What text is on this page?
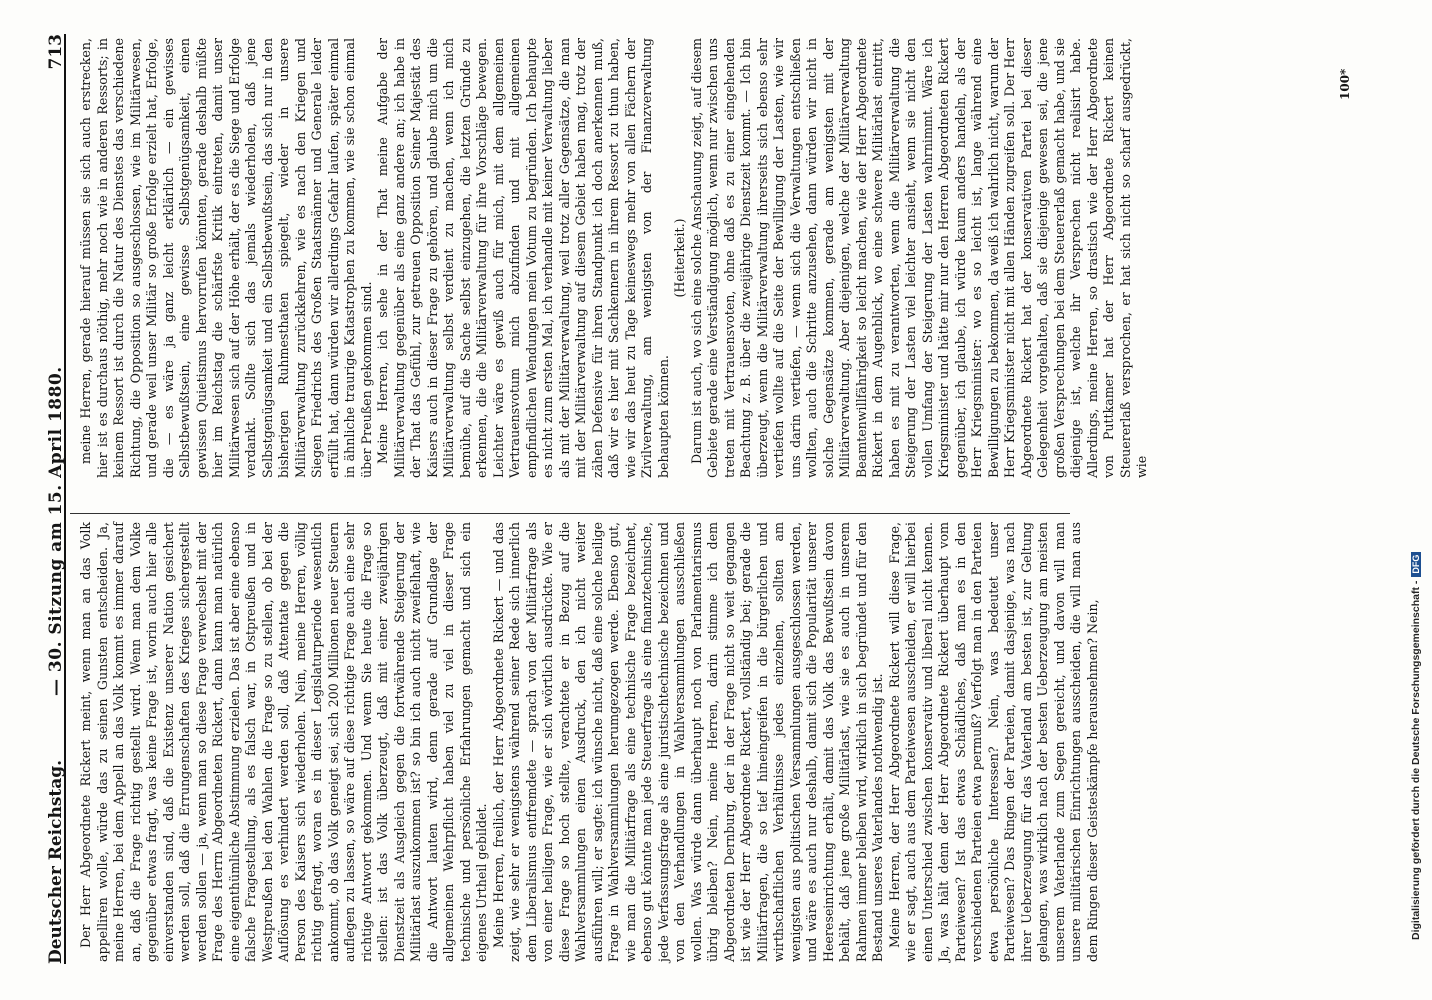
Deutscher Reichstag.
— 30. Sitzung am 15. April 1880.
713

Der Herr Abgeordnete Rickert meint, wenn man an das Volk appelliren wolle, würde das zu seinen Gunsten entscheiden. Ja, meine Herren, bei dem Appell an das Volk kommt es immer darauf an, daß die Frage richtig gestellt wird. Wenn man dem Volke gegenüber etwas fragt, was keine Frage ist, worin auch hier alle einverstanden sind, daß die Existenz unserer Nation gesichert werden soll, daß die Errungenschaften des Krieges sichergestellt werden sollen — ja, wenn man so diese Frage verwechselt mit der Frage des Herrn Abgeordneten Rickert, dann kann man natürlich eine eigenthümliche Abstimmung erzielen. Das ist aber eine ebenso falsche Fragestellung, als es falsch war, in Ostpreußen und in Westpreußen bei den Wahlen die Frage so zu stellen, ob bei der Auflösung es verhindert werden soll, daß Attentate gegen die Person des Kaisers sich wiederholen. Nein, meine Herren, völlig richtig gefragt, woran es in dieser Legislaturperiode wesentlich ankommt, ob das Volk geneigt sei, sich 200 Millionen neuer Steuern auflegen zu lassen, so wäre auf diese richtige Frage auch eine sehr richtige Antwort gekommen. Und wenn Sie heute die Frage so stellen: ist das Volk überzeugt, daß mit einer zweijährigen Dienstzeit als Ausgleich gegen die fortwährende Steigerung der Militärlast auszukommen ist? so bin ich auch nicht zweifelhaft, wie die Antwort lauten wird, denn gerade auf Grundlage der allgemeinen Wehrpflicht haben viel zu viel in dieser Frage technische und persönliche Erfahrungen gemacht und sich ein eigenes Urtheil gebildet. Meine Herren, freilich, der Herr Abgeordnete Rickert — und das zeigt, wie sehr er wenigstens während seiner Rede sich innerlich dem Liberalismus entfremdete — sprach von der Militärfrage als von einer heiligen Frage, wie er sich wörtlich ausdrückte. Wie er diese Frage so hoch stellte, verachtete er in Bezug auf die Wahlversammlungen einen Ausdruck, den ich nicht weiter ausführen will; er sagte: ich wünsche nicht, daß eine solche heilige Frage in Wahlversammlungen herumgezogen werde. Ebenso gut, wie man die Militärfrage als eine technische Frage bezeichnet, ebenso gut könnte man jede Steuerfrage als eine finanztechnische, jede Verfassungsfrage als eine juristischtechnische bezeichnen und von den Verhandlungen in Wahlversammlungen ausschließen wollen. Was würde dann überhaupt noch von Parlamentarismus übrig bleiben? Nein, meine Herren, darin stimme ich dem Abgeordneten Dernburg, der in der Frage nicht so weit gegangen ist wie der Herr Abgeordnete Rickert, vollständig bei; gerade die Militärfragen, die so tief hineingreifen in die bürgerlichen und wirthschaftlichen Verhältnisse jedes einzelnen, sollten am wenigsten aus politischen Versammlungen ausgeschlossen werden, und wäre es auch nur deshalb, damit sich die Popularität unserer Heereseinrichtung erhält, damit das Volk das Bewußtsein davon behält, daß jene große Militärlast, wie sie es auch in unserem Rahmen immer bleiben wird, wirklich in sich begründet und für den Bestand unseres Vaterlandes nothwendig ist. Meine Herren, der Herr Abgeordnete Rickert will diese Frage, wie er sagt, auch aus dem Parteiwesen ausscheiden, er will hierbei einen Unterschied zwischen konservativ und liberal nicht kennen. Ja, was hält denn der Herr Abgeordnete Rickert überhaupt vom Parteiwesen? Ist das etwas Schädliches, daß man es in den verschiedenen Parteien etwa permuß? Verfolgt man in den Parteien etwa persönliche Interessen? Nein, was bedeutet unser Parteiwesen? Das Ringen der Parteien, damit dasjenige, was nach ihrer Ueberzeugung für das Vaterland am besten ist, zur Geltung gelangen, was wirklich nach der besten Ueberzeugung am meisten unserem Vaterlande zum Segen gereicht, und davon will man unsere militärischen Einrichtungen ausscheiden, die will man aus dem Ringen dieser Geisteskämpfe herausnehmen? Nein,

meine Herren, gerade hierauf müssen sie sich auch erstrecken, hier ist es durchaus nöthig, mehr noch wie in anderen Ressorts; in keinem Ressort ist durch die Natur des Dienstes das verschiedene Richtung, die Opposition so ausgeschlossen, wie im Militärwesen, und gerade weil unser Militär so große Erfolge erzielt hat, Erfolge, die — es wäre ja ganz leicht erklärlich — ein gewisses Selbstbewußtsein, eine gewisse Selbstgenügsamkeit, einen gewissen Quietismus hervorrufen könnten, gerade deshalb müßte hier im Reichstag die schärfste Kritik eintreten, damit unser Militärwesen sich auf der Höhe erhält, der es die Siege und Erfolge verdankt. Sollte sich das jemals wiederholen, daß jene Selbstgenügsamkeit und ein Selbstbewußtsein, das sich nur in den bisherigen Ruhmesthaten spiegelt, wieder in unsere Militärverwaltung zurückkehren, wie es nach den Kriegen und Siegen Friedrichs des Großen Staatsmänner und Generale leider erfüllt hat, dann würden wir allerdings Gefahr laufen, später einmal in ähnliche traurige Katastrophen zu kommen, wie sie schon einmal über Preußen gekommen sind. Meine Herren, ich sehe in der That meine Aufgabe der Militärverwaltung gegenüber als eine ganz andere an; ich habe in der That das Gefühl, zur getreuen Opposition Seiner Majestät des Kaisers auch in dieser Frage zu gehören, und glaube mich um die Militärverwaltung selbst verdient zu machen, wenn ich mich bemühe, auf die Sache selbst einzugehen, die letzten Gründe zu erkennen, die die Militärverwaltung für ihre Vorschläge bewegen. Leichter wäre es gewiß auch für mich, mit dem allgemeinen Vertrauensvotum mich abzufinden und mit allgemeinen empfindlichen Wendungen mein Votum zu begründen. Ich behaupte es nicht zum ersten Mal, ich verhandle mit keiner Verwaltung lieber als mit der Militärverwaltung, weil trotz aller Gegensätze, die man mit der Militärverwaltung auf diesem Gebiet haben mag, trotz der zähen Defensive für ihren Standpunkt ich doch anerkennen muß, daß wir es hier mit Sachkennern in ihrem Ressort zu thun haben, wie wir das heut zu Tage keineswegs mehr von allen Fächern der Zivilverwaltung, am wenigsten von der Finanzverwaltung behaupten können.

(Heiterkeit.) Darum ist auch, wo sich eine solche Anschauung zeigt, auf diesem Gebiete gerade eine Verständigung möglich, wenn nur zwischen uns treten mit Vertrauensvoten, ohne daß es zu einer eingehenden Beachtung z. B. über die zweijährige Dienstzeit kommt. — Ich bin überzeugt, wenn die Militärverwaltung ihrerseits sich ebenso sehr vertiefen wollte auf die Seite der Bewilligung der Lasten, wie wir uns darin vertiefen, — wenn sich die Verwaltungen entschließen wollten, auch die Schritte anzusehen, dann würden wir nicht in solche Gegensätze kommen, gerade am wenigsten mit der Militärverwaltung. Aber diejenigen, welche der Militärverwaltung Beamtenwillfährigkeit so leicht machen, wie der Herr Abgeordnete Rickert in dem Augenblick, wo eine schwere Militärlast eintritt, haben es mit zu verantworten, wenn die Militärverwaltung die Steigerung der Lasten viel leichter ansieht, wenn sie nicht den vollen Umfang der Steigerung der Lasten wahrnimmt. Wäre ich Kriegsminister und hätte mir nur den Herren Abgeordneten Rickert gegenüber, ich glaube, ich würde kaum anders handeln, als der Herr Kriegsminister: wo es so leicht ist, lange während eine Bewilligungen zu bekommen, da weiß ich wahrlich nicht, warum der Herr Kriegsminister nicht mit allen Händen zugreifen soll. Der Herr Abgeordnete Rickert hat der konservativen Partei bei dieser Gelegenheit vorgehalten, daß sie diejenige gewesen sei, die jene großen Versprechungen bei dem Steuererlaß gemacht habe, und sie diejenige ist, welche ihr Versprechen nicht realisirt habe. Allerdings, meine Herren, so drastisch wie der Herr Abgeordnete von Puttkamer hat der Herr Abgeordnete Rickert keinen Steuererlaß versprochen, er hat sich nicht so scharf ausgedrückt, wie

100*
Digitalisierung gefördert durch die Deutsche Forschungsgemeinschaft -DFG
